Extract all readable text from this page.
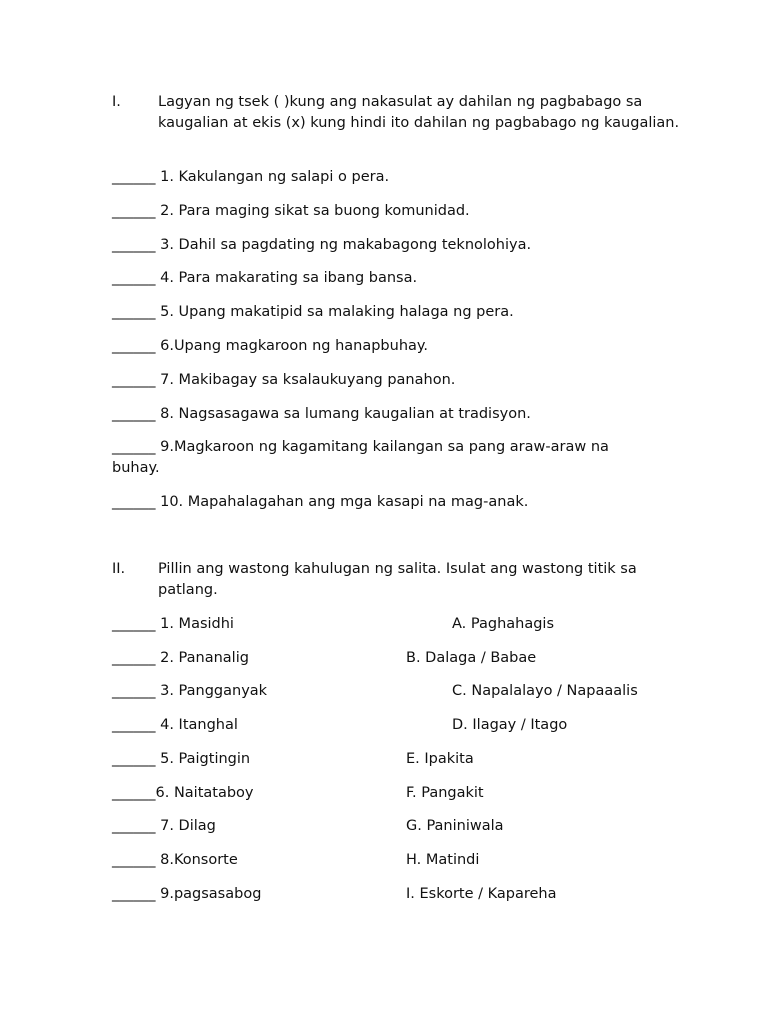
I.	Lagyan ng tsek ( )kung ang nakasulat ay dahilan ng pagbabago sa kaugalian at ekis (x) kung hindi ito dahilan ng pagbabago ng kaugalian.
______ 1. Kakulangan ng salapi o pera.
______ 2. Para maging sikat sa buong komunidad.
______ 3. Dahil sa pagdating ng makabagong teknolohiya.
______ 4. Para makarating sa ibang bansa.
______ 5. Upang makatipid sa malaking halaga ng pera.
______ 6.Upang magkaroon ng hanapbuhay.
______ 7. Makibagay sa ksalaukuyang panahon.
______ 8. Nagsasagawa sa lumang kaugalian at tradisyon.
______ 9.Magkaroon ng kagamitang kailangan sa pang araw-araw na buhay.
______ 10. Mapahalagahan ang mga kasapi na mag-anak.
II. Pillin ang wastong kahulugan ng salita. Isulat ang wastong titik sa patlang.
______ 1. Masidhi
______ 2. Pananalig
______ 3. Pangganyak
______ 4. Itanghal
______ 5. Paigtingin
______6. Naitataboy
______ 7. Dilag
______ 8.Konsorte
______ 9.pagsasabog
A. Paghahagis
B. Dalaga / Babae
C. Napalalayo / Napaaalis
D. Ilagay / Itago
E. Ipakita
F. Pangakit
G. Paniniwala
H. Matindi
I. Eskorte / Kapareha
